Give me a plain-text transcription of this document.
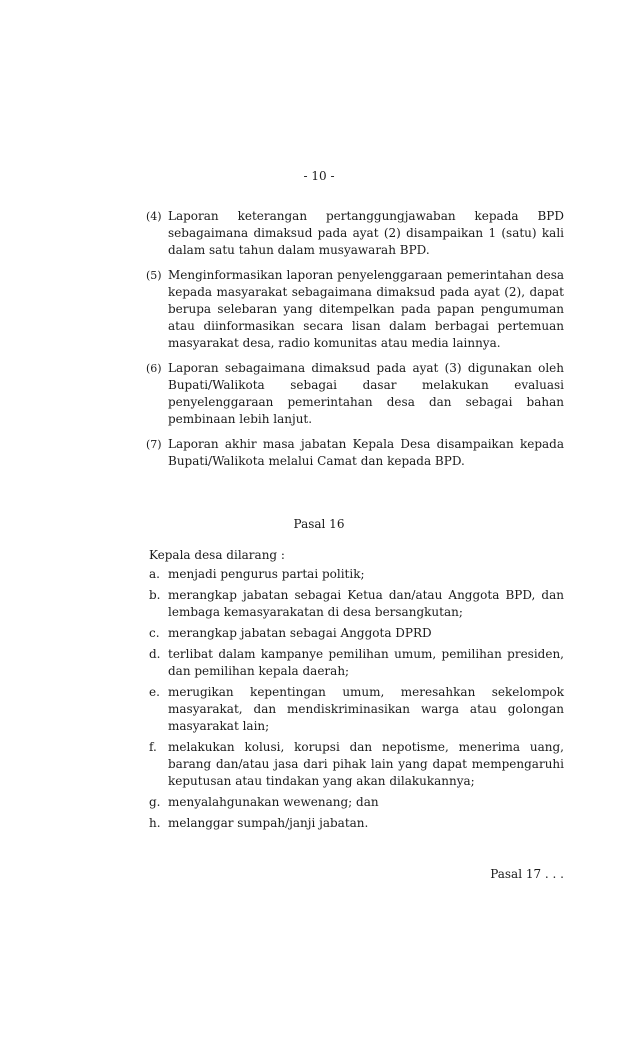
- 10 -
(4) Laporan keterangan pertanggungjawaban kepada BPD sebagaimana dimaksud pada ayat (2) disampaikan 1 (satu) kali dalam satu tahun dalam musyawarah BPD.
(5) Menginformasikan laporan penyelenggaraan pemerintahan desa kepada masyarakat sebagaimana dimaksud pada ayat (2), dapat berupa selebaran yang ditempelkan pada papan pengumuman atau diinformasikan secara lisan dalam berbagai pertemuan masyarakat desa, radio komunitas atau media lainnya.
(6) Laporan sebagaimana dimaksud pada ayat (3) digunakan oleh Bupati/Walikota sebagai dasar melakukan evaluasi penyelenggaraan pemerintahan desa dan sebagai bahan pembinaan lebih lanjut.
(7) Laporan akhir masa jabatan Kepala Desa disampaikan kepada Bupati/Walikota melalui Camat dan kepada BPD.
Pasal 16
Kepala desa dilarang :
a. menjadi pengurus partai politik;
b. merangkap jabatan sebagai Ketua dan/atau Anggota BPD, dan lembaga kemasyarakatan di desa bersangkutan;
c. merangkap jabatan sebagai Anggota DPRD
d. terlibat dalam kampanye pemilihan umum, pemilihan presiden, dan pemilihan kepala daerah;
e. merugikan kepentingan umum, meresahkan sekelompok masyarakat, dan mendiskriminasikan warga atau golongan masyarakat lain;
f. melakukan kolusi, korupsi dan nepotisme, menerima uang, barang dan/atau jasa dari pihak lain yang dapat mempengaruhi keputusan atau tindakan yang akan dilakukannya;
g. menyalahgunakan wewenang; dan
h. melanggar sumpah/janji jabatan.
Pasal 17 . . .
